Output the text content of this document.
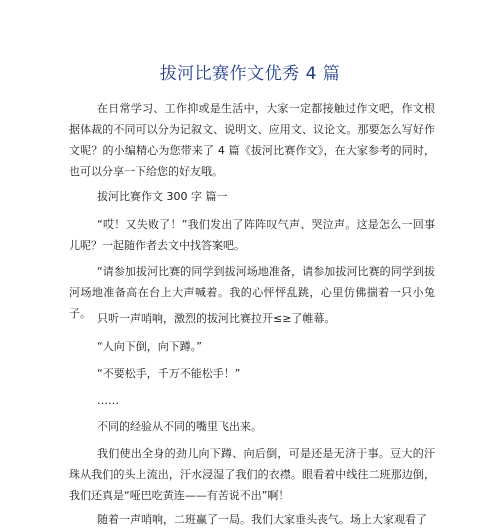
拔河比赛作文优秀 4 篇

在日常学习、工作抑或是生活中，大家一定都接触过作文吧，作文根据体裁的不同可以分为记叙文、说明文、应用文、议论文。那要怎么写好作文呢？的小编精心为您带来了 4 篇《拔河比赛作文》，在大家参考的同时，也可以分享一下给您的好友哦。

拔河比赛作文 300 字 篇一

“哎！又失败了！”我们发出了阵阵叹气声、哭泣声。这是怎么一回事儿呢？一起随作者去文中找答案吧。

“请参加拔河比赛的同学到拔河场地准备，请参加拔河比赛的同学到拔河场地准备高在台上大声喊着。我的心怦怦乱跳，心里仿佛揣着一只小兔子。 只听一声哨响，激烈的拔河比赛拉开≤≥了帷幕。

“人向下倒，向下蹲。”

“不要松手，千万不能松手！”

……

不同的经验从不同的嘴里飞出来。

我们使出全身的劲儿向下蹲、向后倒，可是还是无济于事。豆大的汗珠从我们的头上流出，汗水浸湿了我们的衣襟。眼看着中线往二班那边倒，我们还真是“哑巴吃黄连——有苦说不出”啊！

随着一声哨响，二班赢了一局。我们大家垂头丧气。场上大家观看了
